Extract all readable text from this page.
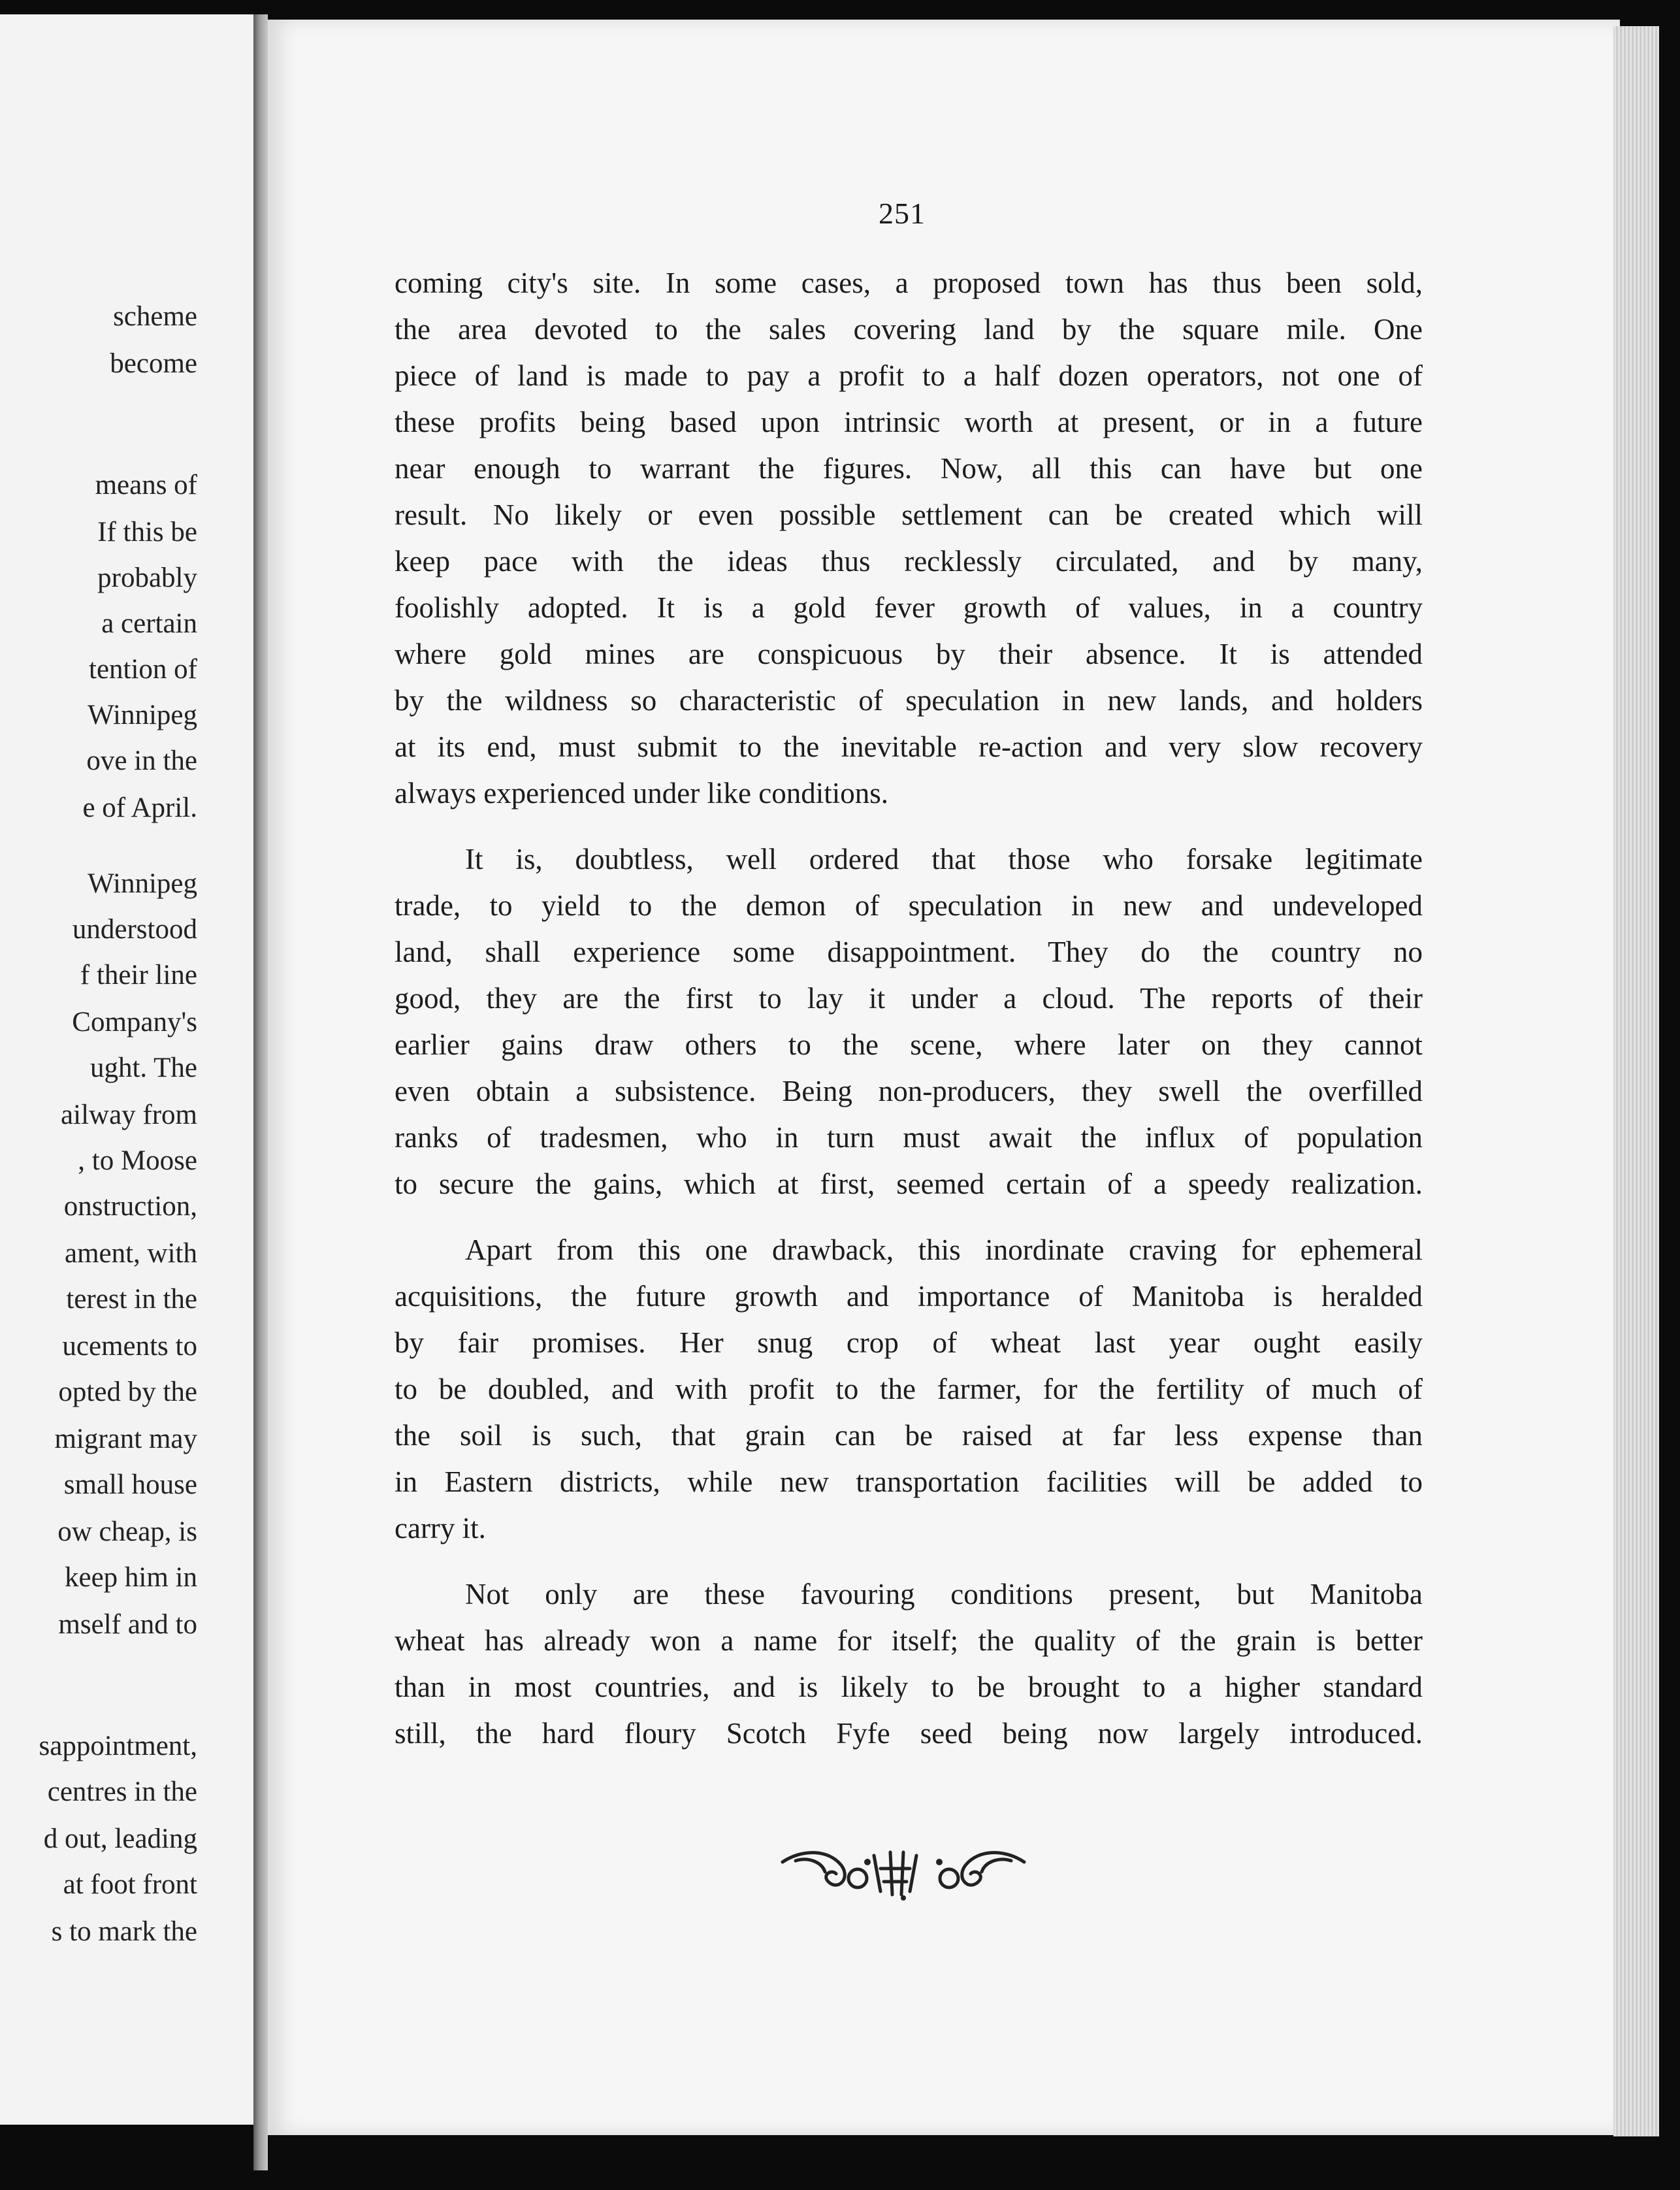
scheme
become
means of
If this be
probably
a certain
tention of
Winnipeg
ove in the
e of April.
Winnipeg
understood
f their line
Company's
ught. The
ailway from
, to Moose
onstruction,
ament, with
terest in the
ucements to
opted by the
migrant may
small house
ow cheap, is
keep him in
mself and to
sappointment,
centres in the
d out, leading
at foot front
s to mark the
251
coming city's site. In some cases, a proposed town has thus been sold,
the area devoted to the sales covering land by the square mile. One
piece of land is made to pay a profit to a half dozen operators, not one of
these profits being based upon intrinsic worth at present, or in a future
near enough to warrant the figures. Now, all this can have but one
result. No likely or even possible settlement can be created which will
keep pace with the ideas thus recklessly circulated, and by many,
foolishly adopted. It is a gold fever growth of values, in a country
where gold mines are conspicuous by their absence. It is attended
by the wildness so characteristic of speculation in new lands, and holders
at its end, must submit to the inevitable re-action and very slow recovery
always experienced under like conditions.
It is, doubtless, well ordered that those who forsake legitimate
trade, to yield to the demon of speculation in new and undeveloped
land, shall experience some disappointment. They do the country no
good, they are the first to lay it under a cloud. The reports of their
earlier gains draw others to the scene, where later on they cannot
even obtain a subsistence. Being non-producers, they swell the overfilled
ranks of tradesmen, who in turn must await the influx of population
to secure the gains, which at first, seemed certain of a speedy realization.
Apart from this one drawback, this inordinate craving for ephemeral
acquisitions, the future growth and importance of Manitoba is heralded
by fair promises. Her snug crop of wheat last year ought easily
to be doubled, and with profit to the farmer, for the fertility of much of
the soil is such, that grain can be raised at far less expense than
in Eastern districts, while new transportation facilities will be added to
carry it.
Not only are these favouring conditions present, but Manitoba
wheat has already won a name for itself; the quality of the grain is better
than in most countries, and is likely to be brought to a higher standard
still, the hard floury Scotch Fyfe seed being now largely introduced.
